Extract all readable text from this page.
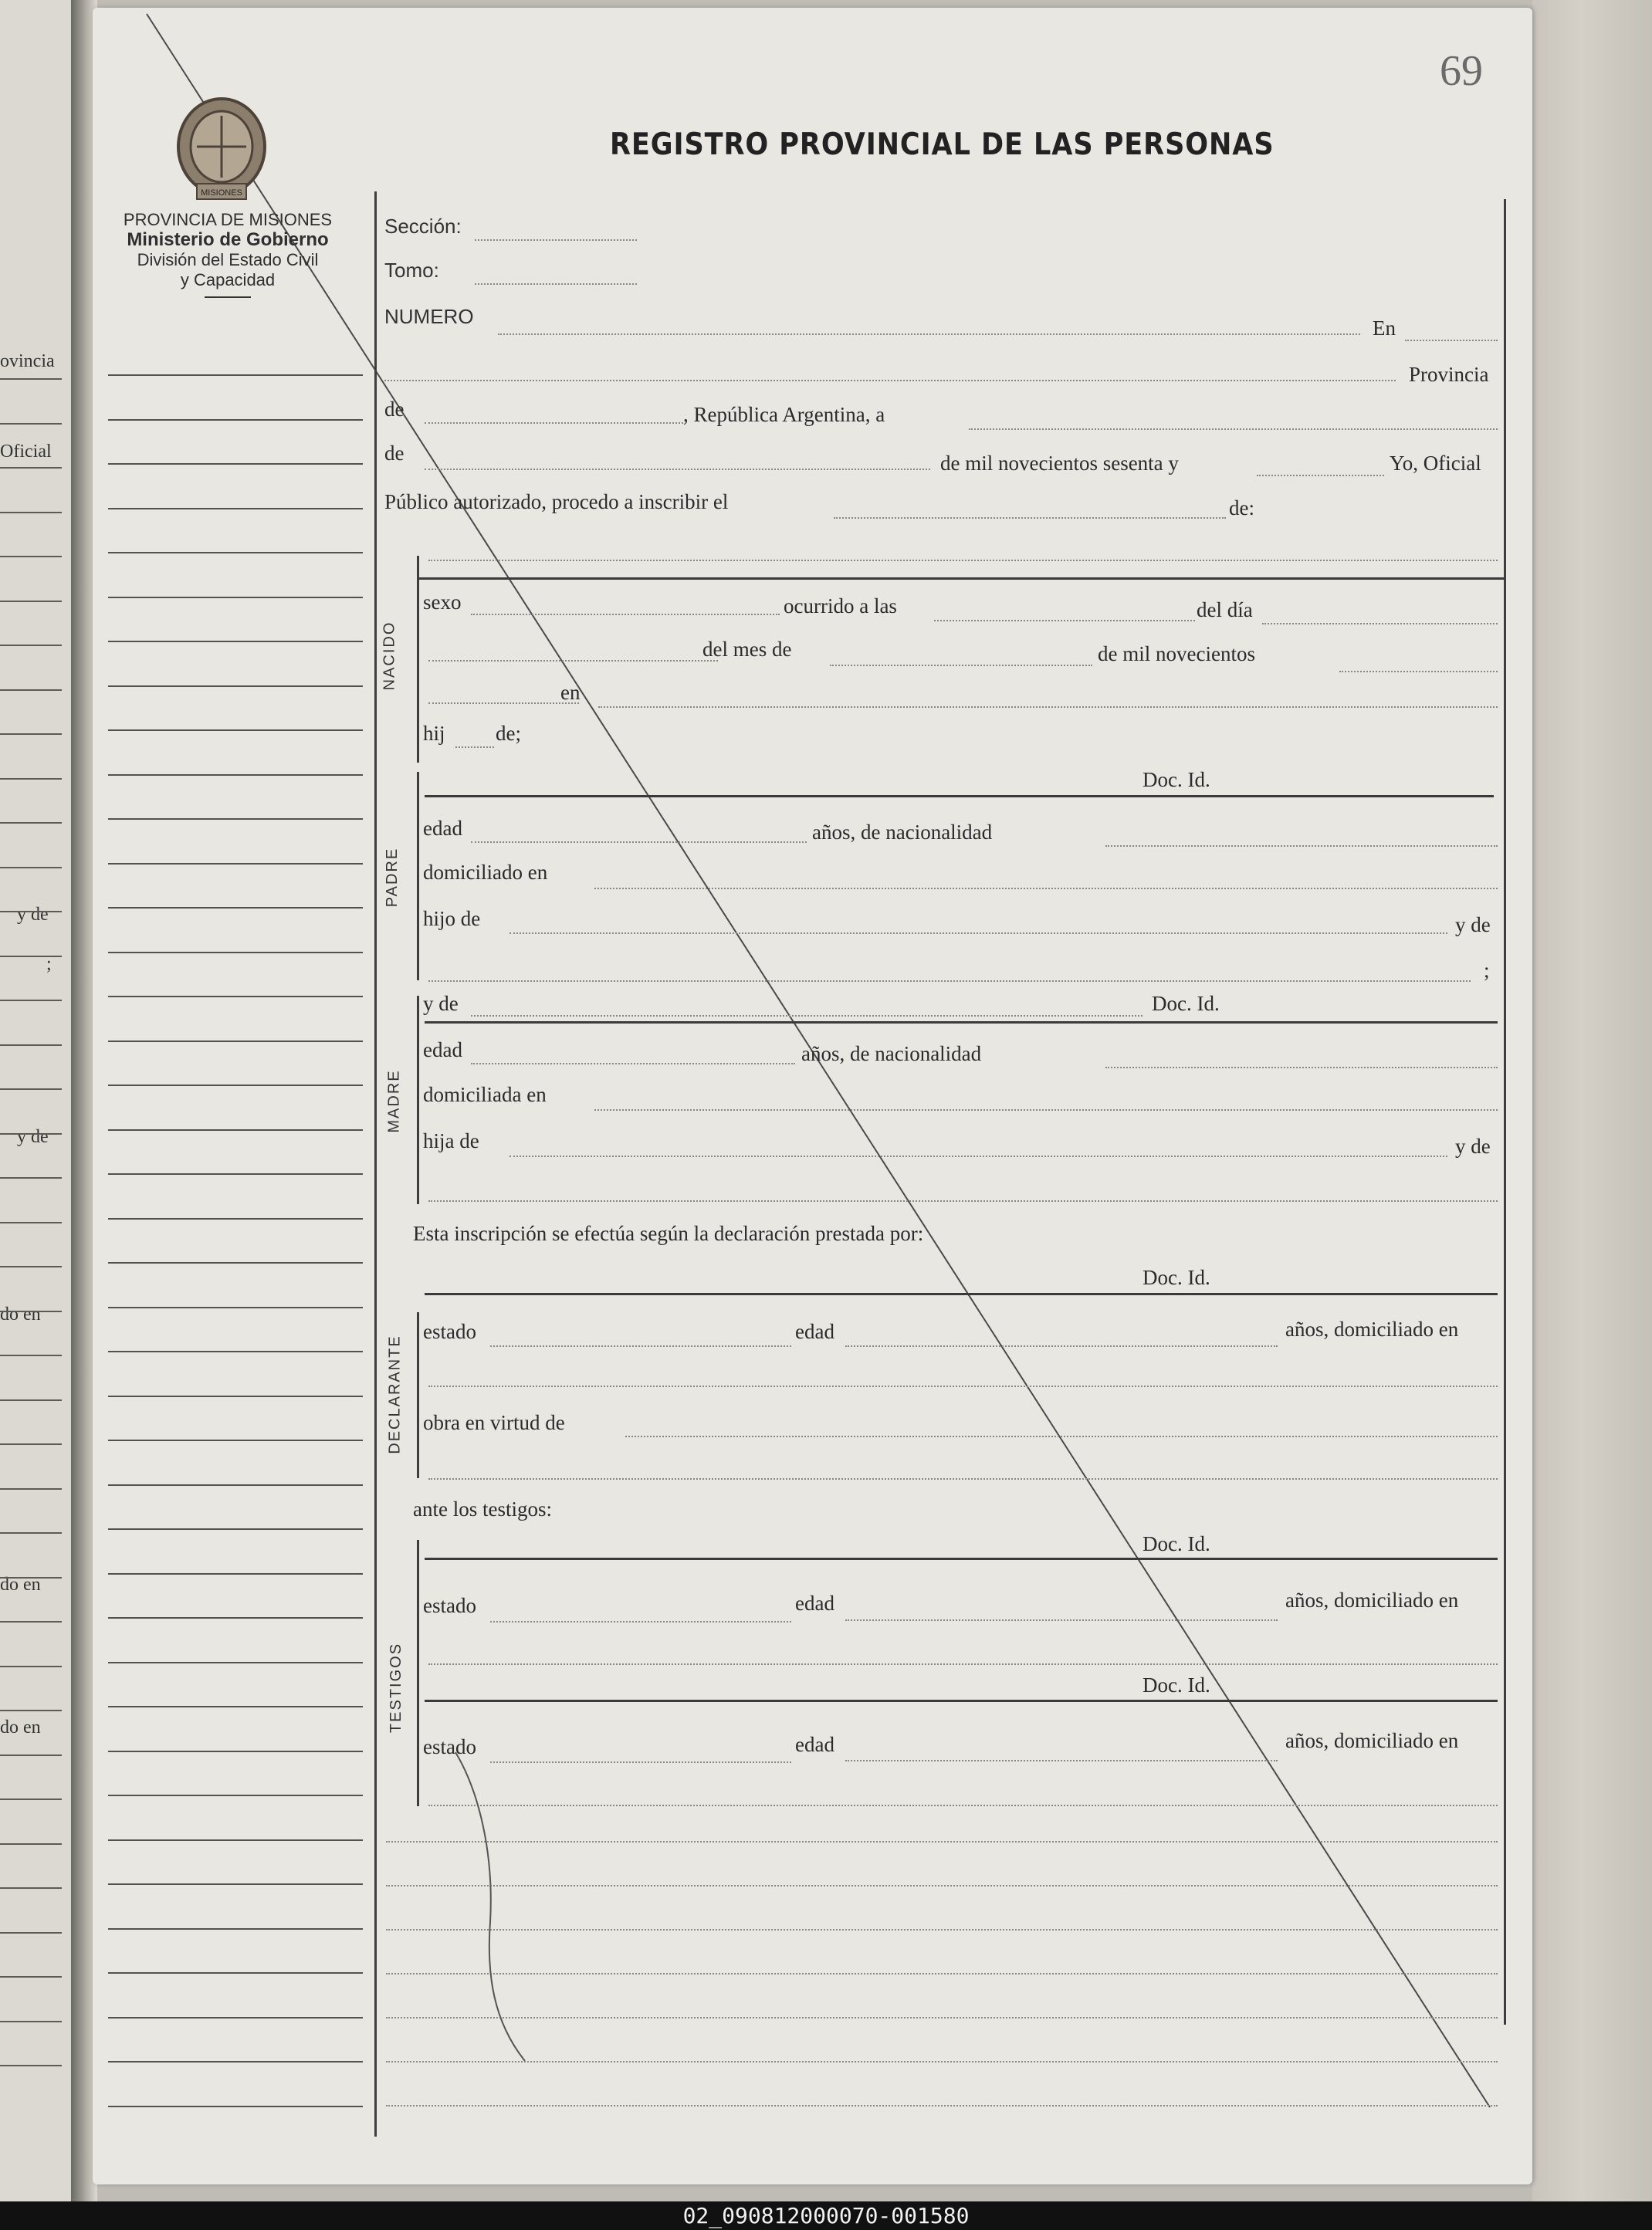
ovincia
Oficial
y de
;
y de
do en
do en
do en
69
MISIONES
PROVINCIA DE MISIONES
Ministerio de Gobierno
División del Estado Civil
y Capacidad
REGISTRO PROVINCIAL DE LAS PERSONAS
Sección:
Tomo:
NUMERO	En
Provincia
de	, República Argentina, a
de	de mil novecientos sesenta y	Yo, Oficial
Público autorizado, procedo a inscribir el	de:
NACIDO
sexo	ocurrido a las	del día
del mes de	de mil novecientos
en
hij de;
PADRE
Doc. Id.
edad	años, de nacionalidad
domiciliado en
hijo de	y de
;
MADRE
y de	Doc. Id.
edad	años, de nacionalidad
domiciliada en
hija de	y de
Esta inscripción se efectúa según la declaración prestada por:
Doc. Id.
DECLARANTE
estado	edad	años, domiciliado en
obra en virtud de
ante los testigos:
Doc. Id.
TESTIGOS
estado	edad	años, domiciliado en
Doc. Id.
estado	edad	años, domiciliado en
02_090812000070-001580
